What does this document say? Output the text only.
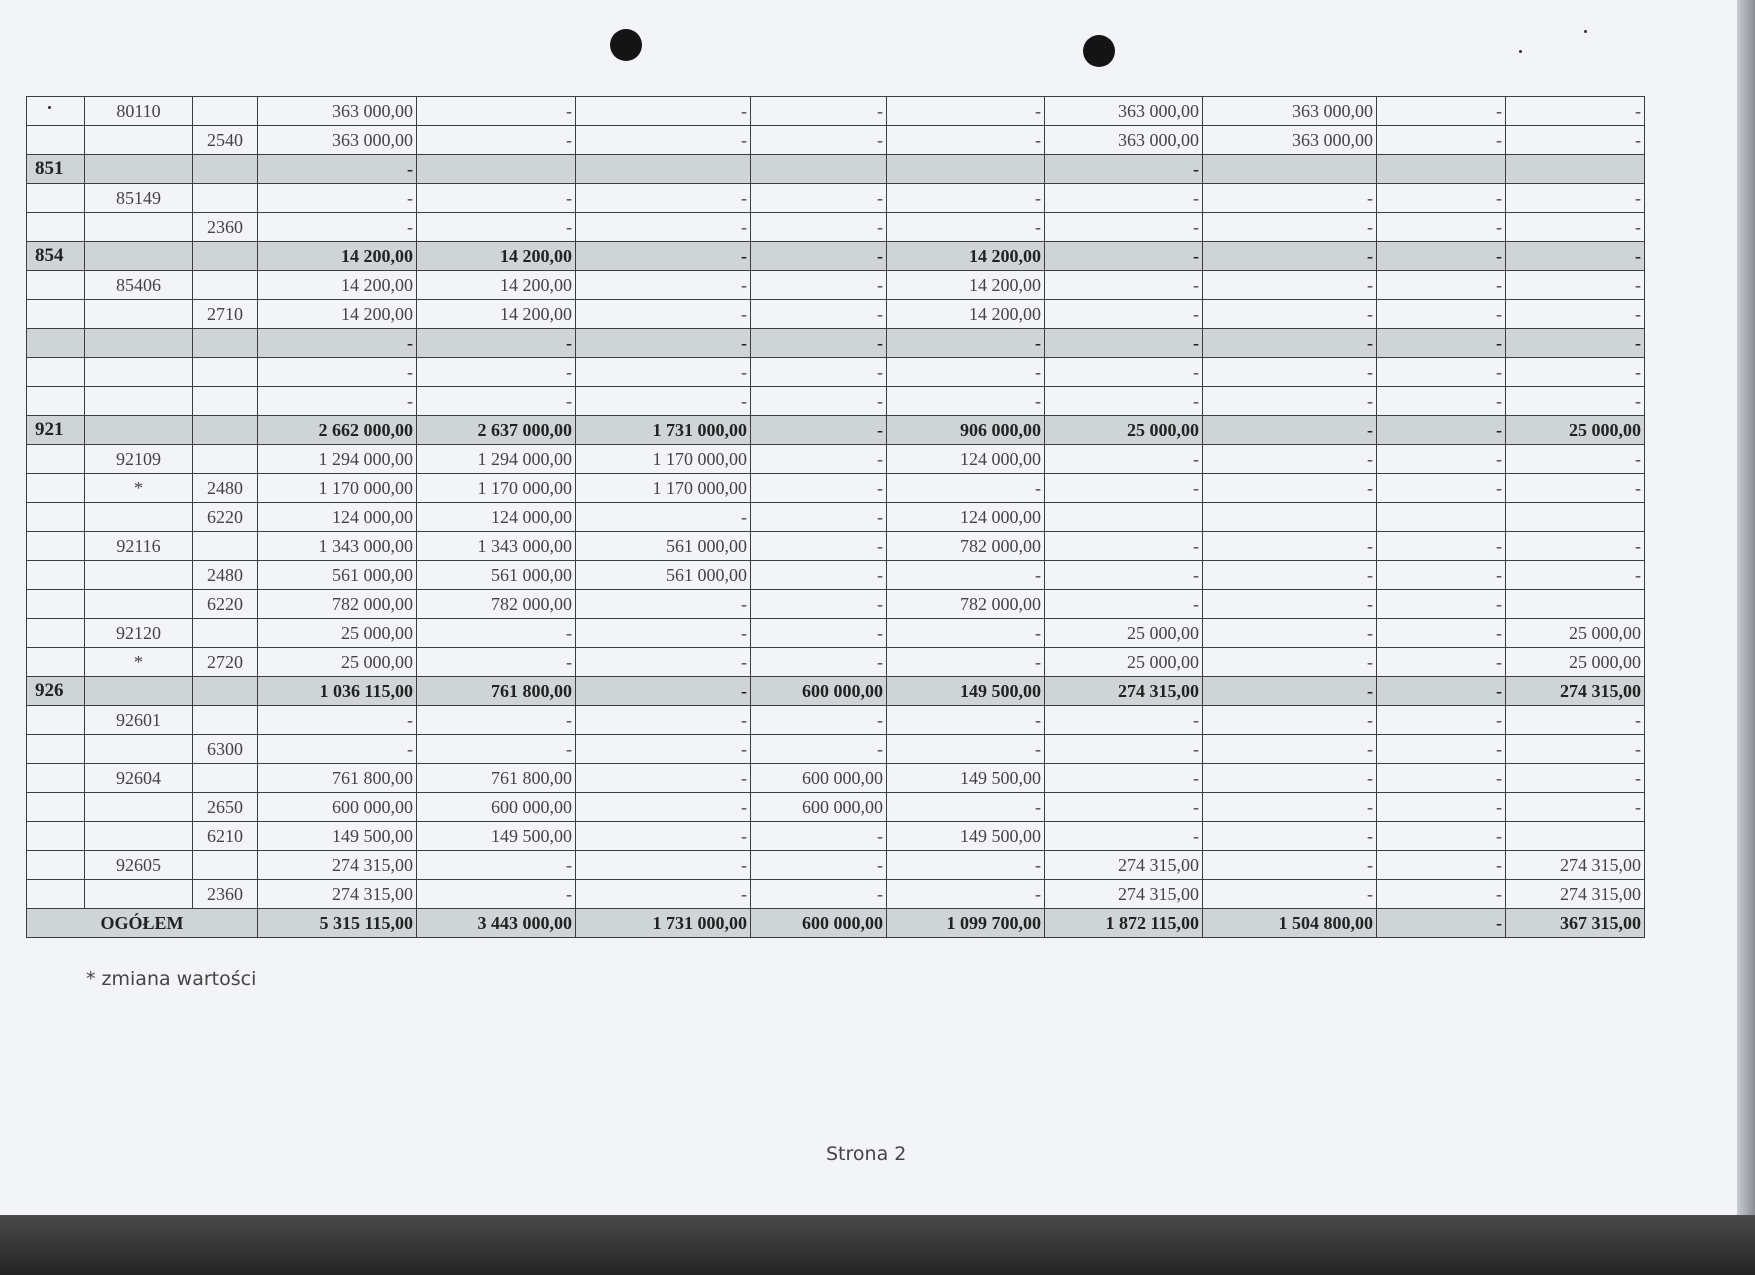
	80110		363 000,00	-	-	-	-	363 000,00	363 000,00	-	-
		2540	363 000,00	-	-	-	-	363 000,00	363 000,00	-	-
851			-					-			
	85149		-	-	-	-	-	-	-	-	-
		2360	-	-	-	-	-	-	-	-	-
854			14 200,00	14 200,00	-	-	14 200,00	-	-	-	-
	85406		14 200,00	14 200,00	-	-	14 200,00	-	-	-	-
		2710	14 200,00	14 200,00	-	-	14 200,00	-	-	-	-
			-	-	-	-	-	-	-	-	-
			-	-	-	-	-	-	-	-	-
			-	-	-	-	-	-	-	-	-
921			2 662 000,00	2 637 000,00	1 731 000,00	-	906 000,00	25 000,00	-	-	25 000,00
	92109		1 294 000,00	1 294 000,00	1 170 000,00	-	124 000,00	-	-	-	-
	*	2480	1 170 000,00	1 170 000,00	1 170 000,00	-	-	-	-	-	-
		6220	124 000,00	124 000,00	-	-	124 000,00				
	92116		1 343 000,00	1 343 000,00	561 000,00	-	782 000,00	-	-	-	-
		2480	561 000,00	561 000,00	561 000,00	-	-	-	-	-	-
		6220	782 000,00	782 000,00	-	-	782 000,00	-	-	-	
	92120		25 000,00	-	-	-	-	25 000,00	-	-	25 000,00
	*	2720	25 000,00	-	-	-	-	25 000,00	-	-	25 000,00
926			1 036 115,00	761 800,00	-	600 000,00	149 500,00	274 315,00	-	-	274 315,00
	92601		-	-	-	-	-	-	-	-	-
		6300	-	-	-	-	-	-	-	-	-
	92604		761 800,00	761 800,00	-	600 000,00	149 500,00	-	-	-	-
		2650	600 000,00	600 000,00	-	600 000,00	-	-	-	-	-
		6210	149 500,00	149 500,00	-	-	149 500,00	-	-	-	
	92605		274 315,00	-	-	-	-	274 315,00	-	-	274 315,00
		2360	274 315,00	-	-	-	-	274 315,00	-	-	274 315,00
OGÓŁEM			5 315 115,00	3 443 000,00	1 731 000,00	600 000,00	1 099 700,00	1 872 115,00	1 504 800,00	-	367 315,00
* zmiana wartości
Strona 2
